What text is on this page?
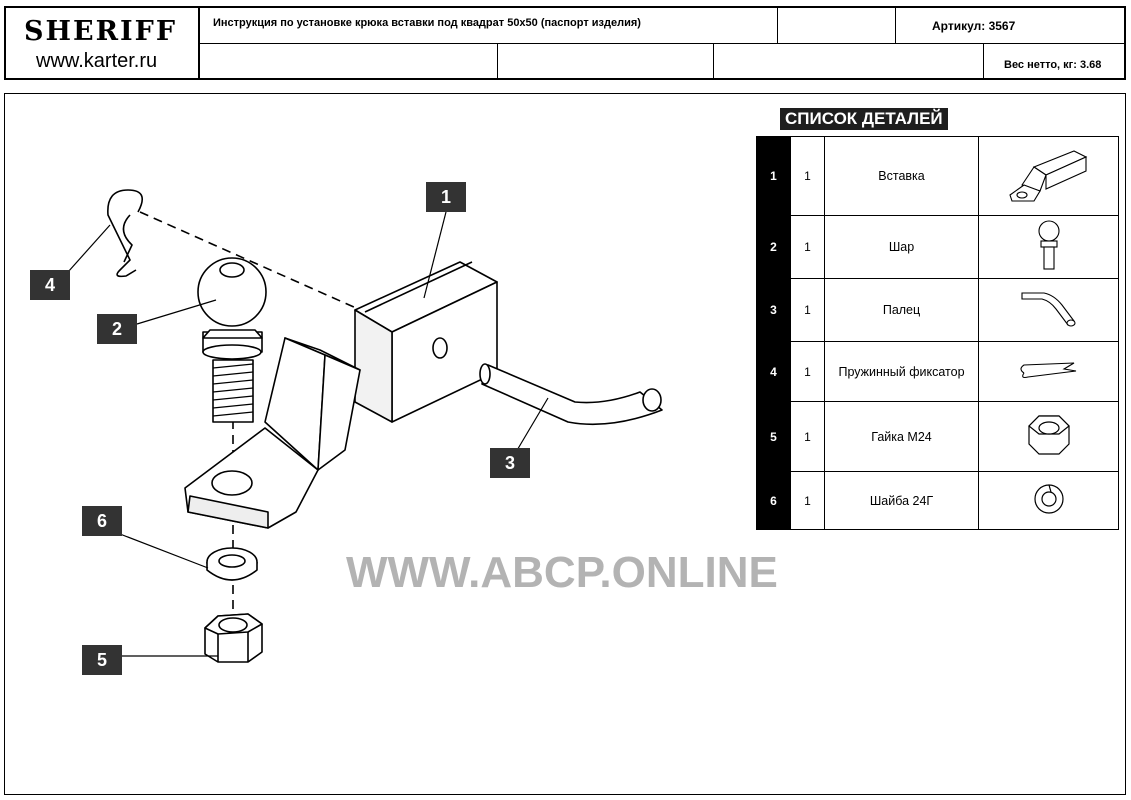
SHERIFF
www.karter.ru
Инструкция по установке крюка вставки под квадрат 50x50 (паспорт изделия)	Артикул: 3567
Вес нетто, кг: 3.68
1
2
3
4
5
6
СПИСОК ДЕТАЛЕЙ
1	1	Вставка	
2	1	Шар	
3	1	Палец	
4	1	Пружинный фиксатор	
5	1	Гайка М24	
6	1	Шайба 24Г	
WWW.ABCP.ONLINE
